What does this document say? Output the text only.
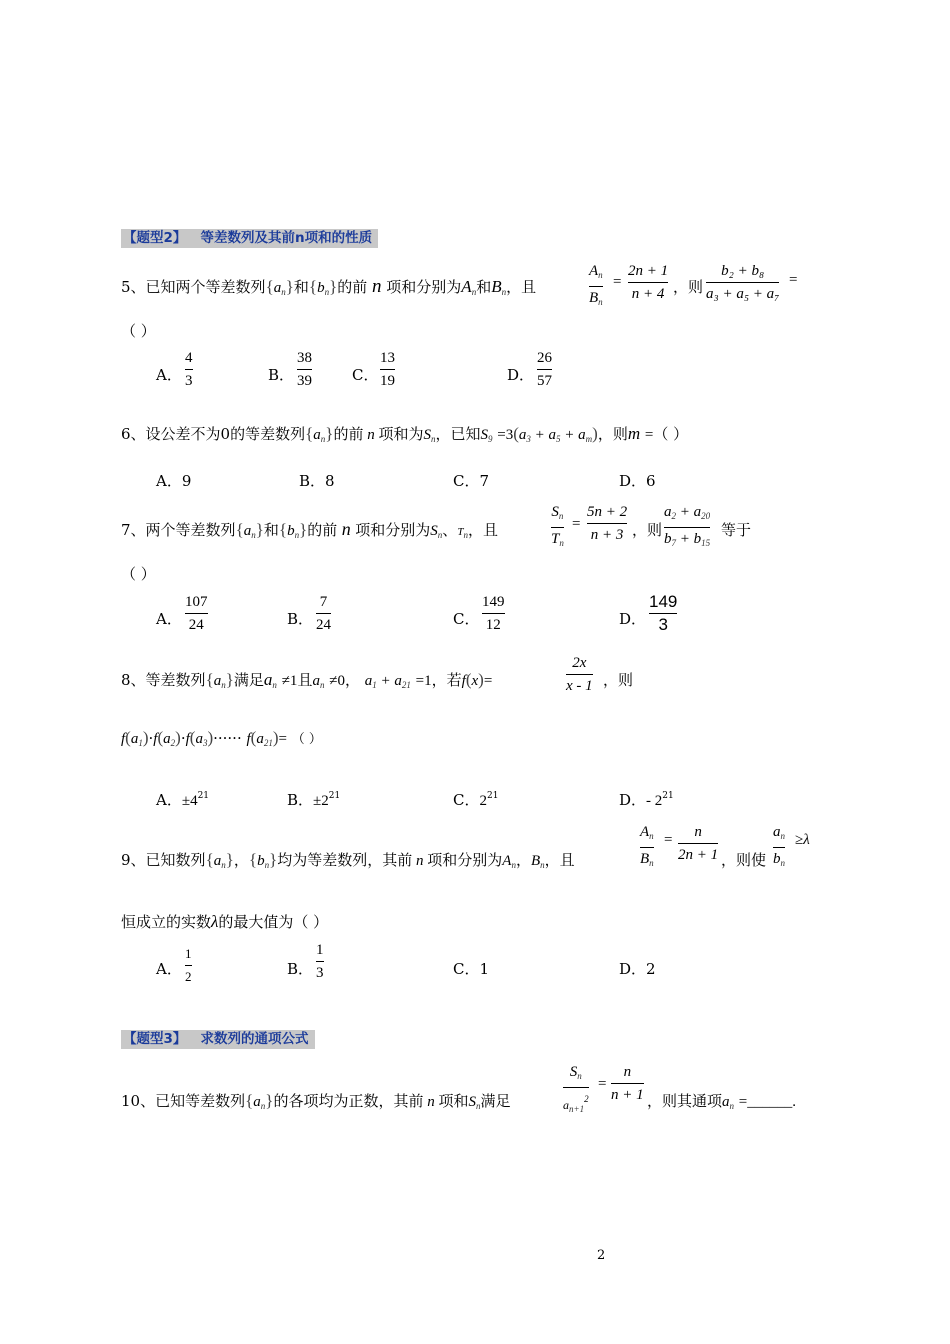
【题型2】   等差数列及其前n项和的性质
5、已知两个等差数列$\{a_n\}$和$\{b_n\}$的前 n 项和分别为$A_n$和$B_n$，且
$A_n$
$B_n$
=
2n + 1
n + 4 ，则
b₂ + b₈
a₃ + a₅ + a₇
=
（ ）
A．
4
3	B．
38
39	C．
13
19	D．
26
57
6、设公差不为0的等差数列$\{a_n\}$的前 n 项和为$S_n$，已知$S_9 =3(a_3 + a_5 + a_m)$，则m =（ ）
A．9	B．8	C．7	D．6
7、两个等差数列$\{a_n\}$和$\{b_n\}$的前 n 项和分别为$S_n$、$T_n$，且
$S_n$
$T_n$
=
5n + 2
n + 3 ，则
$a_2 + a_{20}$
$b_7 + b_{15}$
等于
（ ）
A．
107
24	B．
7
24	C．
149
12	D．
149
3
8、等差数列$\{a_n\}$满足$a_n \ne 1$且$a_n \ne 0$， $a_1 + a_{21} =1$，若f(x)=
2x
x - 1 ，则
$f(a_1)\cdot f(a_2)\cdot f(a_3)\cdot\cdot\cdot\cdot\cdot\cdot f(a_{21})=$ （ ）
A．$\pm 4^{21}$	B．$\pm 2^{21}$	C．$2^{21}$	D．- $2^{21}$
9、已知数列$\{a_n\}$，$\{b_n\}$均为等差数列，其前 n 项和分别为$A_n$，$B_n$，且
$A_n$
$B_n$
=	n
2n + 1 ，则使
$a_n$
$b_n$
≥λ
恒成立的实数λ的最大值为（ ）
A．
1
2	B．
1
3	C．1	D．2
【题型3】   求数列的通项公式
10、已知等差数列$\{a_n\}$的各项均为正数，其前 n 项和$S_n$满足
$S_n$
$a_{n+1}^2$
=
n
n + 1 ，则其通项$a_n$ =______.
2
